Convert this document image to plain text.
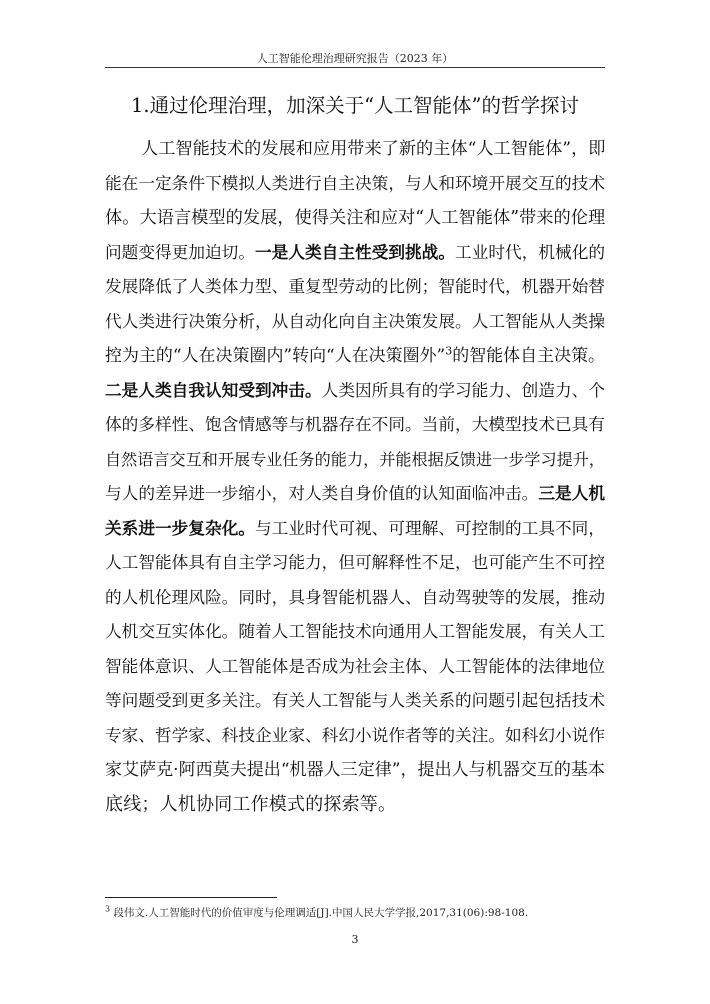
人工智能伦理治理研究报告（2023 年）
1.通过伦理治理，加深关于“人工智能体”的哲学探讨
人工智能技术的发展和应用带来了新的主体“人工智能体”，即
能在一定条件下模拟人类进行自主决策，与人和环境开展交互的技术
体。大语言模型的发展，使得关注和应对“人工智能体”带来的伦理
问题变得更加迫切。一是人类自主性受到挑战。工业时代，机械化的
发展降低了人类体力型、重复型劳动的比例；智能时代，机器开始替
代人类进行决策分析，从自动化向自主决策发展。人工智能从人类操
控为主的“人在决策圈内”转向“人在决策圈外”$^3$的智能体自主决策。
二是人类自我认知受到冲击。人类因所具有的学习能力、创造力、个
体的多样性、饱含情感等与机器存在不同。当前，大模型技术已具有
自然语言交互和开展专业任务的能力，并能根据反馈进一步学习提升，
与人的差异进一步缩小，对人类自身价值的认知面临冲击。三是人机
关系进一步复杂化。与工业时代可视、可理解、可控制的工具不同，
人工智能体具有自主学习能力，但可解释性不足，也可能产生不可控
的人机伦理风险。同时，具身智能机器人、自动驾驶等的发展，推动
人机交互实体化。随着人工智能技术向通用人工智能发展，有关人工
智能体意识、人工智能体是否成为社会主体、人工智能体的法律地位
等问题受到更多关注。有关人工智能与人类关系的问题引起包括技术
专家、哲学家、科技企业家、科幻小说作者等的关注。如科幻小说作
家艾萨克·阿西莫夫提出“机器人三定律”，提出人与机器交互的基本
底线；人机协同工作模式的探索等。
$^3$ 段伟文.人工智能时代的价值审度与伦理调适[J].中国人民大学学报,2017,31(06):98-108.
3
